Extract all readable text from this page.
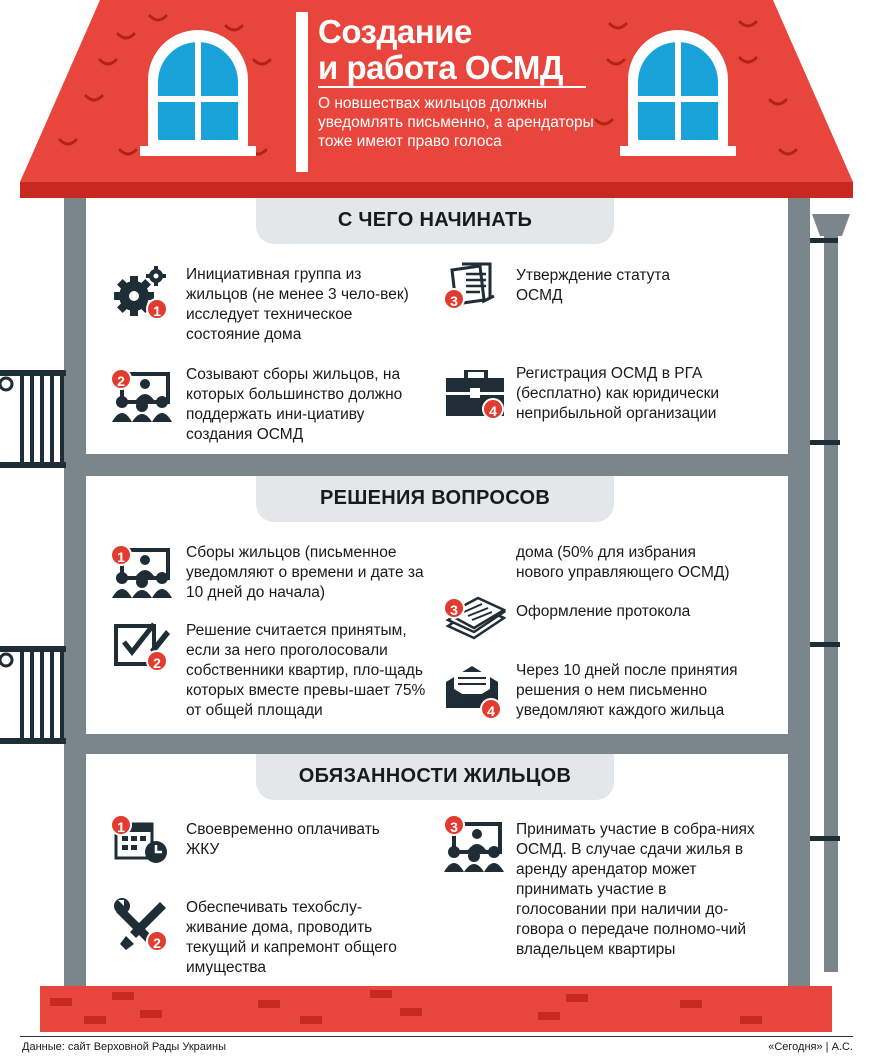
Создание
и работа ОСМД
О новшествах жильцов должны уведомлять письменно, а арендаторы тоже имеют право голоса
С ЧЕГО НАЧИНАТЬ
1
Инициативная группа из жильцов (не менее 3 чело-век) исследует техническое состояние дома
2	Созывают сборы жильцов, на которых большинство должно поддержать ини-циативу создания ОСМД
3
Утверждение статута ОСМД
4
Регистрация ОСМД в РГА (бесплатно) как юридически неприбыльной организации
РЕШЕНИЯ ВОПРОСОВ
1	Сборы жильцов (письменное уведомляют о времени и дате за 10 дней до начала)
2
Решение считается принятым, если за него проголосовали собственники квартир, пло-щадь которых вместе превы-шает 75% от общей площади
дома (50% для избрания нового управляющего ОСМД)
3	Оформление протокола
4
Через 10 дней после принятия решения о нем письменно уведомляют каждого жильца
ОБЯЗАННОСТИ ЖИЛЬЦОВ
1	Своевременно оплачивать ЖКУ
2
Обеспечивать техобслу-живание дома, проводить текущий и капремонт общего имущества
3	Принимать участие в собра-ниях ОСМД. В случае сдачи жилья в аренду арендатор может принимать участие в голосовании при наличии до-говора о передаче полномо-чий владельцем квартиры
Данные: сайт Верховной Рады Украины	«Сегодня» | А.С.
